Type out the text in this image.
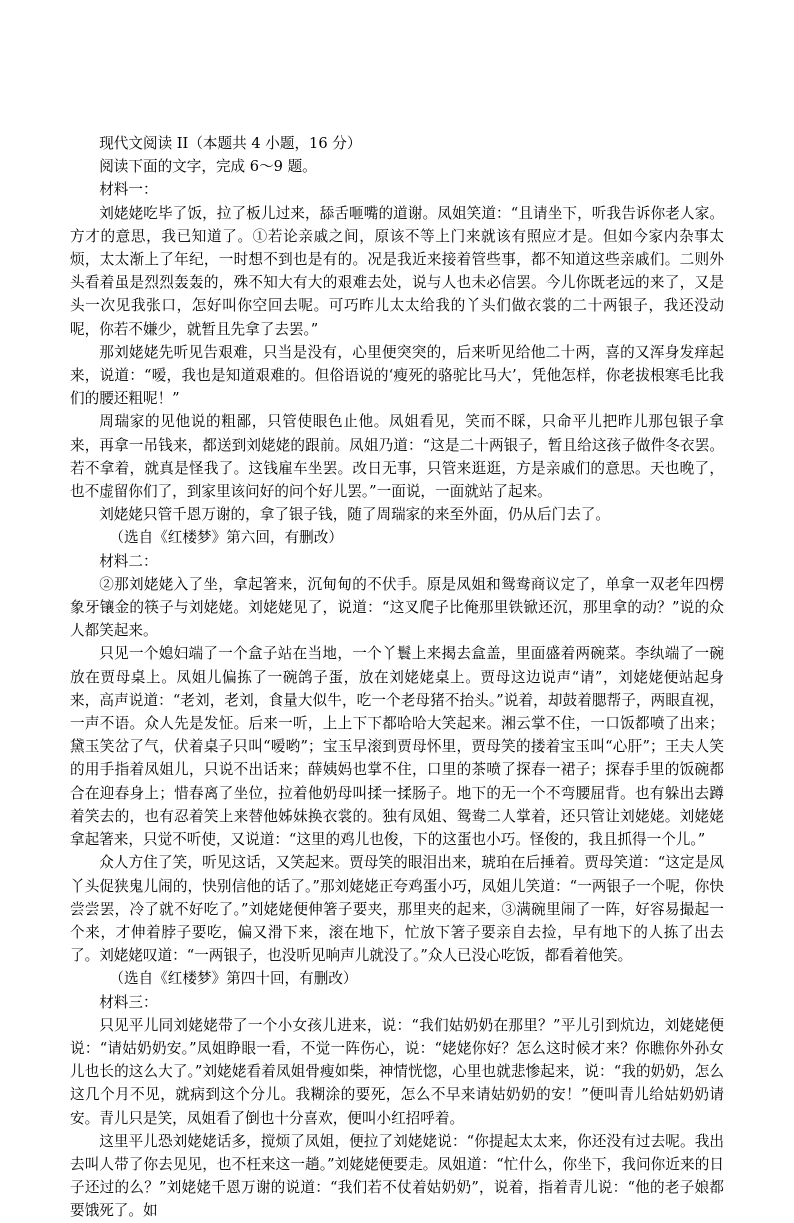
现代文阅读 II（本题共 4 小题，16 分）

阅读下面的文字，完成 6～9 题。

材料一：

刘姥姥吃毕了饭，拉了板儿过来，舔舌咂嘴的道谢。凤姐笑道：“且请坐下，听我告诉你老人家。方才的意思，我已知道了。①若论亲戚之间，原该不等上门来就该有照应才是。但如今家内杂事太烦，太太渐上了年纪，一时想不到也是有的。况是我近来接着管些事，都不知道这些亲戚们。二则外头看着虽是烈烈轰轰的，殊不知大有大的艰难去处，说与人也未必信罢。今儿你既老远的来了，又是头一次见我张口，怎好叫你空回去呢。可巧昨儿太太给我的丫头们做衣裳的二十两银子，我还没动呢，你若不嫌少，就暂且先拿了去罢。”

那刘姥姥先听见告艰难，只当是没有，心里便突突的，后来听见给他二十两，喜的又浑身发痒起来，说道：“嗳，我也是知道艰难的。但俗语说的‘瘦死的骆驼比马大’，凭他怎样，你老拔根寒毛比我们的腰还粗呢！”

周瑞家的见他说的粗鄙，只管使眼色止他。凤姐看见，笑而不睬，只命平儿把昨儿那包银子拿来，再拿一吊钱来，都送到刘姥姥的跟前。凤姐乃道：“这是二十两银子，暂且给这孩子做件冬衣罢。若不拿着，就真是怪我了。这钱雇车坐罢。改日无事，只管来逛逛，方是亲戚们的意思。天也晚了，也不虚留你们了，到家里该问好的问个好儿罢。”一面说，一面就站了起来。

刘姥姥只管千恩万谢的，拿了银子钱，随了周瑞家的来至外面，仍从后门去了。

（选自《红楼梦》第六回，有删改）

材料二：

②那刘姥姥入了坐，拿起箸来，沉甸甸的不伏手。原是凤姐和鸳鸯商议定了，单拿一双老年四楞象牙镶金的筷子与刘姥姥。刘姥姥见了，说道：“这叉爬子比俺那里铁锨还沉，那里拿的动？”说的众人都笑起来。

只见一个媳妇端了一个盒子站在当地，一个丫鬟上来揭去盒盖，里面盛着两碗菜。李纨端了一碗放在贾母桌上。凤姐儿偏拣了一碗鸽子蛋，放在刘姥姥桌上。贾母这边说声“请”，刘姥姥便站起身来，高声说道：“老刘，老刘，食量大似牛，吃一个老母猪不抬头。”说着，却鼓着腮帮子，两眼直视，一声不语。众人先是发怔。后来一听，上上下下都哈哈大笑起来。湘云掌不住，一口饭都喷了出来；黛玉笑岔了气，伏着桌子只叫“嗳哟”；宝玉早滚到贾母怀里，贾母笑的搂着宝玉叫“心肝”；王夫人笑的用手指着凤姐儿，只说不出话来；薛姨妈也掌不住，口里的茶喷了探春一裙子；探春手里的饭碗都合在迎春身上；惜春离了坐位，拉着他奶母叫揉一揉肠子。地下的无一个不弯腰屈背。也有躲出去蹲着笑去的，也有忍着笑上来替他姊妹换衣裳的。独有凤姐、鸳鸯二人掌着，还只管让刘姥姥。刘姥姥拿起箸来，只觉不听使，又说道：“这里的鸡儿也俊，下的这蛋也小巧。怪俊的，我且抓得一个儿。”

众人方住了笑，听见这话，又笑起来。贾母笑的眼泪出来，琥珀在后捶着。贾母笑道：“这定是凤丫头促狭鬼儿闹的，快别信他的话了。”那刘姥姥正夸鸡蛋小巧，凤姐儿笑道：“一两银子一个呢，你快尝尝罢，冷了就不好吃了。”刘姥姥便伸箸子要夹，那里夹的起来，③满碗里闹了一阵，好容易撮起一个来，才伸着脖子要吃，偏又滑下来，滚在地下，忙放下箸子要亲自去捡，早有地下的人拣了出去了。刘姥姥叹道：“一两银子，也没听见响声儿就没了。”众人已没心吃饭，都看着他笑。

（选自《红楼梦》第四十回，有删改）

材料三：

只见平儿同刘姥姥带了一个小女孩儿进来，说：“我们姑奶奶在那里？”平儿引到炕边，刘姥姥便说：“请姑奶奶安。”凤姐睁眼一看，不觉一阵伤心，说：“姥姥你好？怎么这时候才来？你瞧你外孙女儿也长的这么大了。”刘姥姥看着凤姐骨瘦如柴，神情恍惚，心里也就悲惨起来，说：“我的奶奶，怎么这几个月不见，就病到这个分儿。我糊涂的要死，怎么不早来请姑奶奶的安！”便叫青儿给姑奶奶请安。青儿只是笑，凤姐看了倒也十分喜欢，便叫小红招呼着。

这里平儿恐刘姥姥话多，搅烦了凤姐，便拉了刘姥姥说：“你提起太太来，你还没有过去呢。我出去叫人带了你去见见，也不枉来这一趟。”刘姥姥便要走。凤姐道：“忙什么，你坐下，我问你近来的日子还过的么？”刘姥姥千恩万谢的说道：“我们若不仗着姑奶奶”，说着，指着青儿说：“他的老子娘都要饿死了。如
